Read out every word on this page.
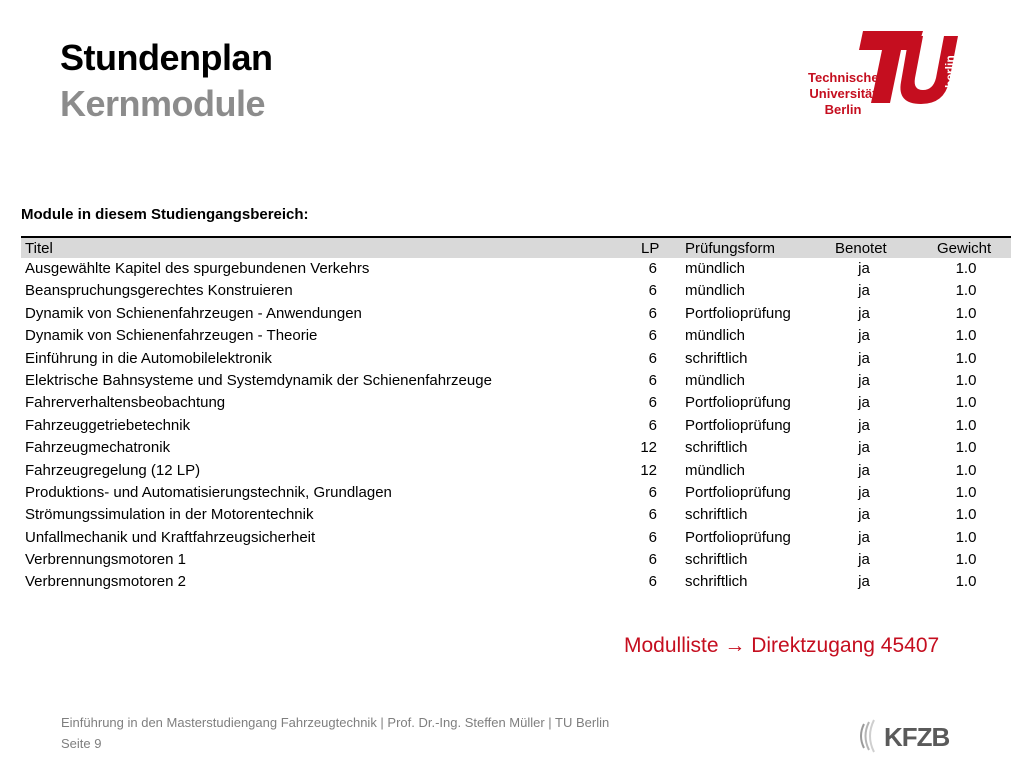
Stundenplan
Kernmodule
berlin
Technische
Universität
Berlin
Module in diesem Studiengangsbereich:
Titel	LP Prüfungsform	Benotet	Gewicht
Ausgewählte Kapitel des spurgebundenen Verkehrs	6 mündlich	ja	1.0
Beanspruchungsgerechtes Konstruieren	6 mündlich	ja	1.0
Dynamik von Schienenfahrzeugen - Anwendungen	6 Portfolioprüfung	ja	1.0
Dynamik von Schienenfahrzeugen - Theorie	6 mündlich	ja	1.0
Einführung in die Automobilelektronik	6 schriftlich	ja	1.0
Elektrische Bahnsysteme und Systemdynamik der Schienenfahrzeuge	6 mündlich	ja	1.0
Fahrerverhaltensbeobachtung	6 Portfolioprüfung	ja	1.0
Fahrzeuggetriebetechnik	6 Portfolioprüfung	ja	1.0
Fahrzeugmechatronik	12 schriftlich	ja	1.0
Fahrzeugregelung (12 LP)	12 mündlich	ja	1.0
Produktions- und Automatisierungstechnik, Grundlagen	6 Portfolioprüfung	ja	1.0
Strömungssimulation in der Motorentechnik	6 schriftlich	ja	1.0
Unfallmechanik und Kraftfahrzeugsicherheit	6 Portfolioprüfung	ja	1.0
Verbrennungsmotoren 1	6 schriftlich	ja	1.0
Verbrennungsmotoren 2	6 schriftlich	ja	1.0
Modulliste → Direktzugang 45407
Einführung in den Masterstudiengang Fahrzeugtechnik | Prof. Dr.-Ing. Steffen Müller | TU Berlin
Seite 9	KFZB
